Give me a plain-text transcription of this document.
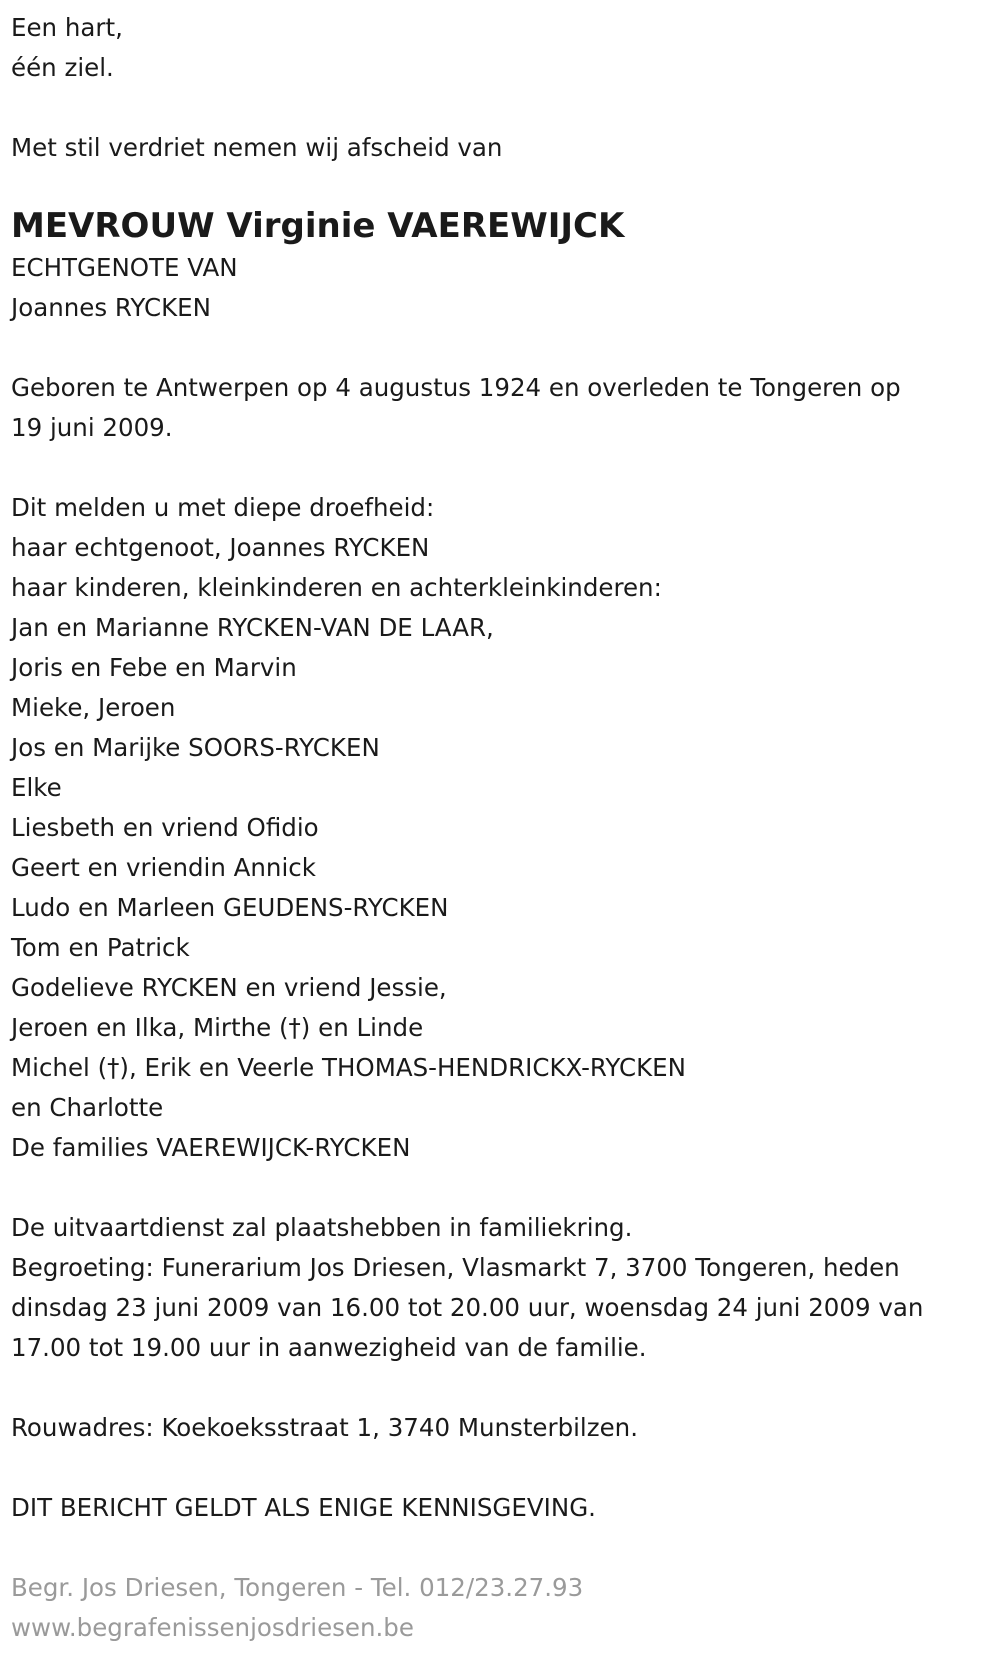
Een hart,
één ziel.
Met stil verdriet nemen wij afscheid van
MEVROUW Virginie VAEREWIJCK
ECHTGENOTE VAN
Joannes RYCKEN
Geboren te Antwerpen op 4 augustus 1924 en overleden te Tongeren op
19 juni 2009.
Dit melden u met diepe droefheid:
haar echtgenoot, Joannes RYCKEN
haar kinderen, kleinkinderen en achterkleinkinderen:
Jan en Marianne RYCKEN-VAN DE LAAR,
Joris en Febe en Marvin
Mieke, Jeroen
Jos en Marijke SOORS-RYCKEN
Elke
Liesbeth en vriend Ofidio
Geert en vriendin Annick
Ludo en Marleen GEUDENS-RYCKEN
Tom en Patrick
Godelieve RYCKEN en vriend Jessie,
Jeroen en Ilka, Mirthe (†) en Linde
Michel (†), Erik en Veerle THOMAS-HENDRICKX-RYCKEN
en Charlotte
De families VAEREWIJCK-RYCKEN
De uitvaartdienst zal plaatshebben in familiekring.
Begroeting: Funerarium Jos Driesen, Vlasmarkt 7, 3700 Tongeren, heden
dinsdag 23 juni 2009 van 16.00 tot 20.00 uur, woensdag 24 juni 2009 van
17.00 tot 19.00 uur in aanwezigheid van de familie.
Rouwadres: Koekoeksstraat 1, 3740 Munsterbilzen.
DIT BERICHT GELDT ALS ENIGE KENNISGEVING.
Begr. Jos Driesen, Tongeren - Tel. 012/23.27.93
www.begrafenissenjosdriesen.be
